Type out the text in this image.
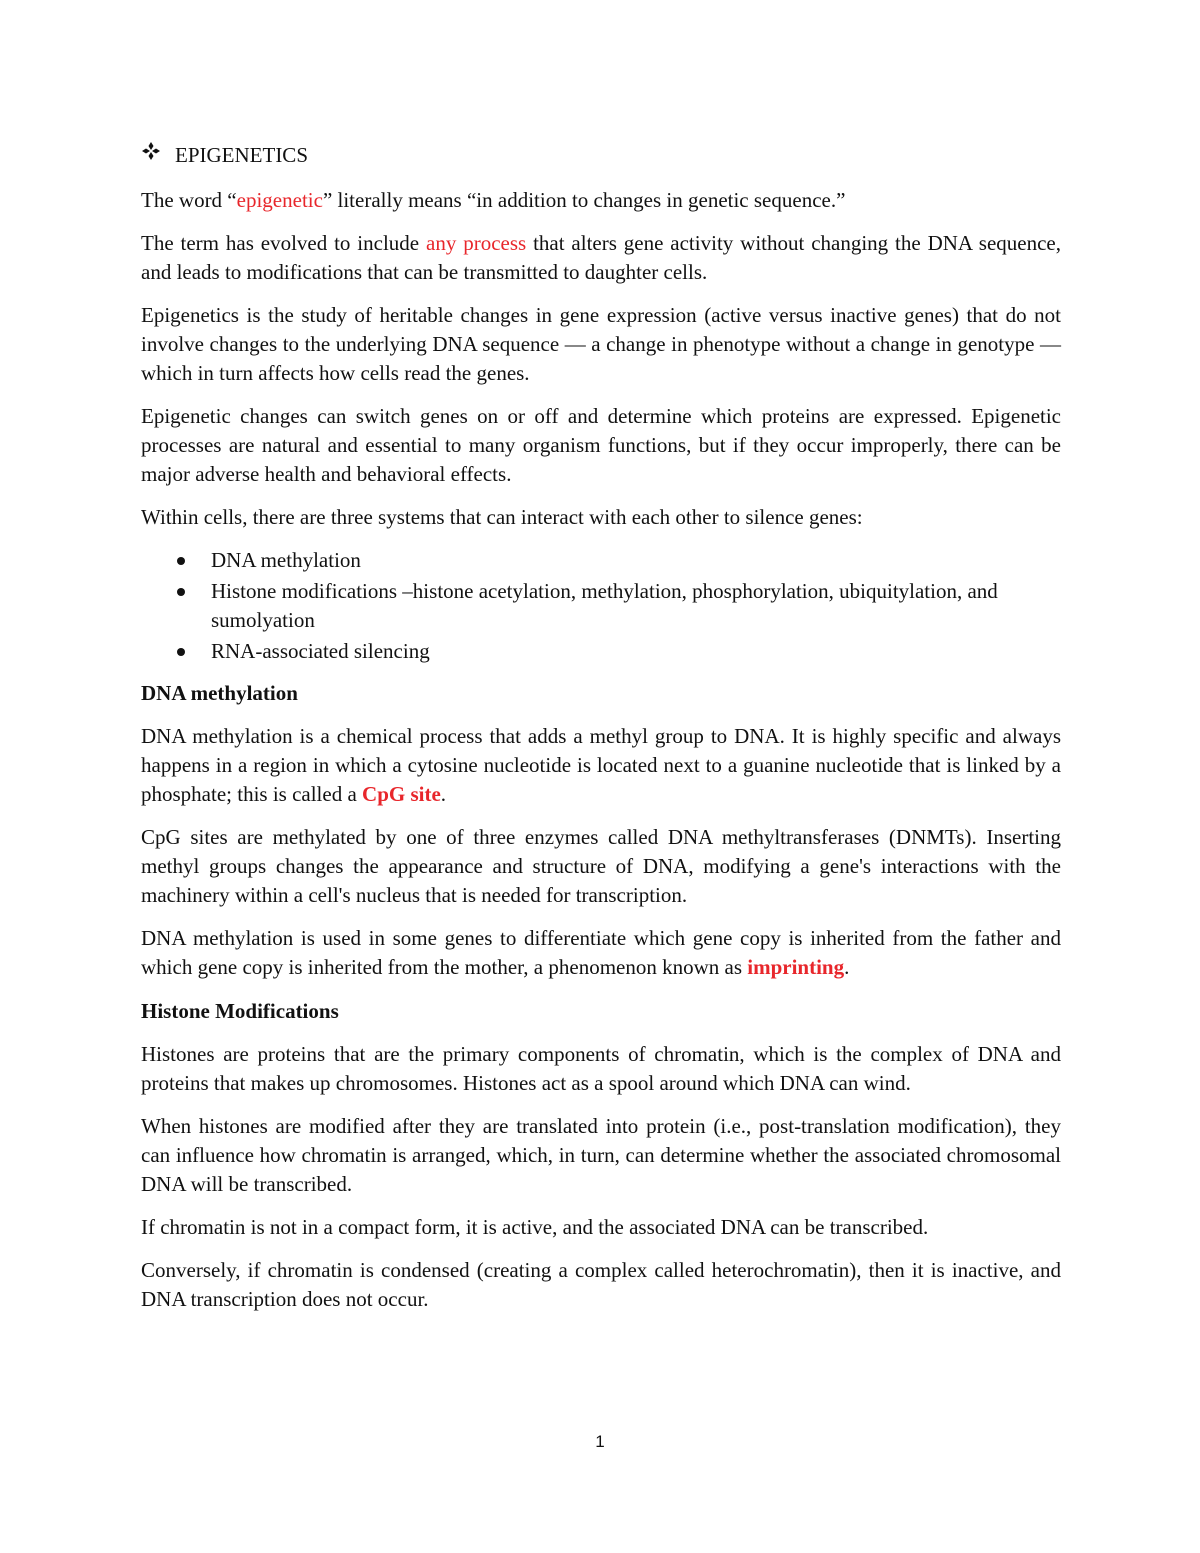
EPIGENETICS

The word “epigenetic” literally means “in addition to changes in genetic sequence.”

The term has evolved to include any process that alters gene activity without changing the DNA sequence, and leads to modifications that can be transmitted to daughter cells.

Epigenetics is the study of heritable changes in gene expression (active versus inactive genes) that do not involve changes to the underlying DNA sequence — a change in phenotype without a change in genotype —which in turn affects how cells read the genes.

Epigenetic changes can switch genes on or off and determine which proteins are expressed. Epigenetic processes are natural and essential to many organism functions, but if they occur improperly, there can be major adverse health and behavioral effects.

Within cells, there are three systems that can interact with each other to silence genes:

DNA methylation
Histone modifications –histone acetylation, methylation, phosphorylation, ubiquitylation, and sumolyation
RNA-associated silencing
DNA methylation

DNA methylation is a chemical process that adds a methyl group to DNA. It is highly specific and always happens in a region in which a cytosine nucleotide is located next to a guanine nucleotide that is linked by a phosphate; this is called a CpG site.

CpG sites are methylated by one of three enzymes called DNA methyltransferases (DNMTs). Inserting methyl groups changes the appearance and structure of DNA, modifying a gene's interactions with the machinery within a cell's nucleus that is needed for transcription.

DNA methylation is used in some genes to differentiate which gene copy is inherited from the father and which gene copy is inherited from the mother, a phenomenon known as imprinting.

Histone Modifications

Histones are proteins that are the primary components of chromatin, which is the complex of DNA and proteins that makes up chromosomes. Histones act as a spool around which DNA can wind.

When histones are modified after they are translated into protein (i.e., post-translation modification), they can influence how chromatin is arranged, which, in turn, can determine whether the associated chromosomal DNA will be transcribed.

If chromatin is not in a compact form, it is active, and the associated DNA can be transcribed.

Conversely, if chromatin is condensed (creating a complex called heterochromatin), then it is inactive, and DNA transcription does not occur.

1
